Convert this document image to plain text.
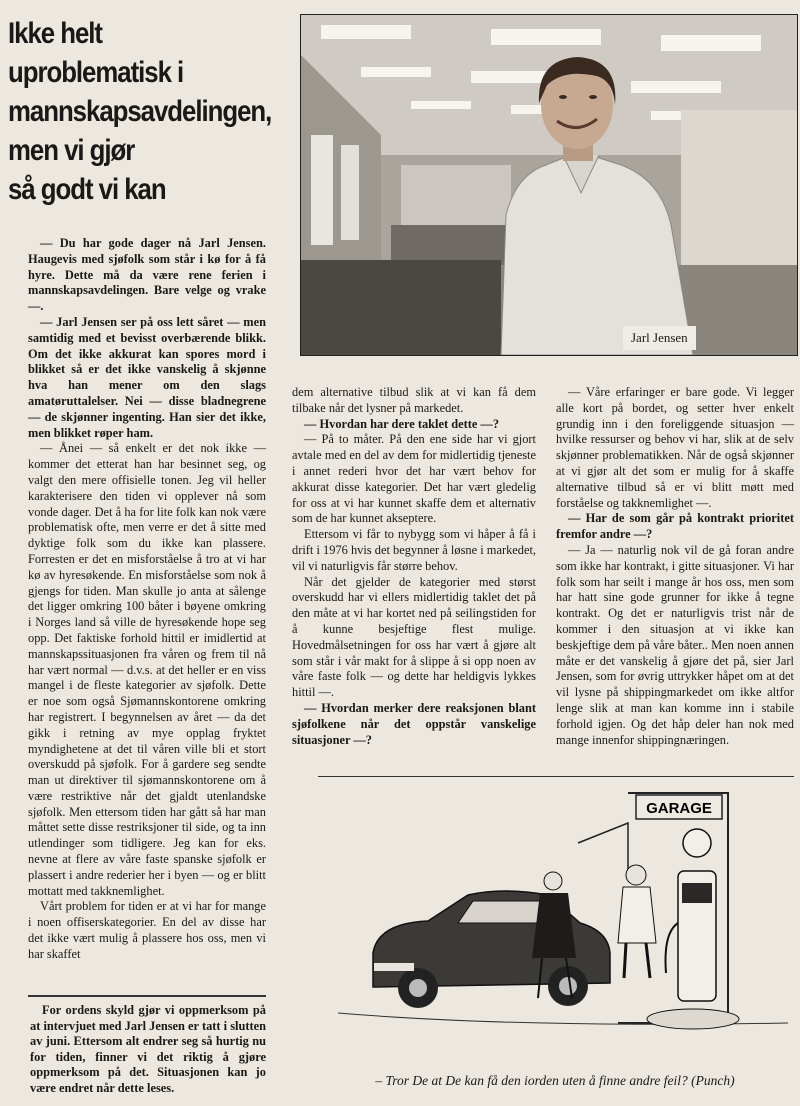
Ikke helt
uproblematisk i
mannskapsavdelingen,
men vi gjør
så godt vi kan
Jarl Jensen

— Du har gode dager nå Jarl Jensen. Haugevis med sjøfolk som står i kø for å få hyre. Dette må da være rene ferien i mannskapsavdelingen. Bare velge og vrake —.

— Jarl Jensen ser på oss lett såret — men samtidig med et bevisst overbærende blikk. Om det ikke akkurat kan spores mord i blikket så er det ikke vanskelig å skjønne hva han mener om den slags amatøruttalelser. Nei — disse bladnegrene — de skjønner ingenting. Han sier det ikke, men blikket røper ham.

— Ånei — så enkelt er det nok ikke — kommer det etterat han har besinnet seg, og valgt den mere offisielle tonen. Jeg vil heller karakterisere den tiden vi opplever nå som vonde dager. Det å ha for lite folk kan nok være problematisk ofte, men verre er det å sitte med dyktige folk som du ikke kan plassere. Forresten er det en misforståelse å tro at vi har kø av hyresøkende. En misforståelse som nok å gjengs for tiden. Man skulle jo anta at sålenge det ligger omkring 100 båter i bøyene omkring i Norges land så ville de hyresøkende hope seg opp. Det faktiske forhold hittil er imidlertid at mannskapssituasjonen fra våren og frem til nå har vært normal — d.v.s. at det heller er en viss mangel i de fleste kategorier av sjøfolk. Dette er noe som også Sjømannskontorene omkring har registrert. I begynnelsen av året — da det gikk i retning av mye opplag fryktet myndighetene at det til våren ville bli et stort overskudd på sjøfolk. For å gardere seg sendte man ut direktiver til sjømannskontorene om å være restriktive når det gjaldt utenlandske sjøfolk. Men ettersom tiden har gått så har man måttet sette disse restriksjoner til side, og ta inn utlendinger som tidligere. Jeg kan for eks. nevne at flere av våre faste spanske sjøfolk er plassert i andre rederier her i byen — og er blitt mottatt med takknemlighet.

Vårt problem for tiden er at vi har for mange i noen offiserskategorier. En del av disse har det ikke vært mulig å plassere hos oss, men vi har skaffet

dem alternative tilbud slik at vi kan få dem tilbake når det lysner på markedet.

— Hvordan har dere taklet dette —?

— På to måter. På den ene side har vi gjort avtale med en del av dem for midlertidig tjeneste i annet rederi hvor det har vært behov for akkurat disse kategorier. Det har vært gledelig for oss at vi har kunnet skaffe dem et alternativ som de har kunnet akseptere.

Ettersom vi får to nybygg som vi håper å få i drift i 1976 hvis det begynner å løsne i markedet, vil vi naturligvis får større behov.

Når det gjelder de kategorier med størst overskudd har vi ellers midlertidig taklet det på den måte at vi har kortet ned på seilingstiden for å kunne besjeftige flest mulige. Hovedmålsetningen for oss har vært å gjøre alt som står i vår makt for å slippe å si opp noen av våre faste folk — og dette har heldigvis lykkes hittil —.

— Hvordan merker dere reaksjonen blant sjøfolkene når det oppstår vanskelige situasjoner —?

— Våre erfaringer er bare gode. Vi legger alle kort på bordet, og setter hver enkelt grundig inn i den foreliggende situasjon — hvilke ressurser og behov vi har, slik at de selv skjønner problematikken. Når de også skjønner at vi gjør alt det som er mulig for å skaffe alternative tilbud så er vi blitt møtt med forståelse og takknemlighet —.

— Har de som går på kontrakt prioritet fremfor andre —?

— Ja — naturlig nok vil de gå foran andre som ikke har kontrakt, i gitte situasjoner. Vi har folk som har seilt i mange år hos oss, men som har hatt sine gode grunner for ikke å tegne kontrakt. Og det er naturligvis trist når de kommer i den situasjon at vi ikke kan beskjeftige dem på våre båter.. Men noen annen måte er det vanskelig å gjøre det på, sier Jarl Jensen, som for øvrig uttrykker håpet om at det vil lysne på shippingmarkedet om ikke altfor lenge slik at man kan komme inn i stabile forhold igjen. Og det håp deler han nok med mange innenfor shippingnæringen.

For ordens skyld gjør vi oppmerksom på at intervjuet med Jarl Jensen er tatt i slutten av juni. Ettersom alt endrer seg så hurtig nu for tiden, finner vi det riktig å gjøre oppmerksom på det. Situasjonen kan jo være endret når dette leses.

GARAGE
– Tror De at De kan få den iorden uten å finne andre feil? (Punch)
